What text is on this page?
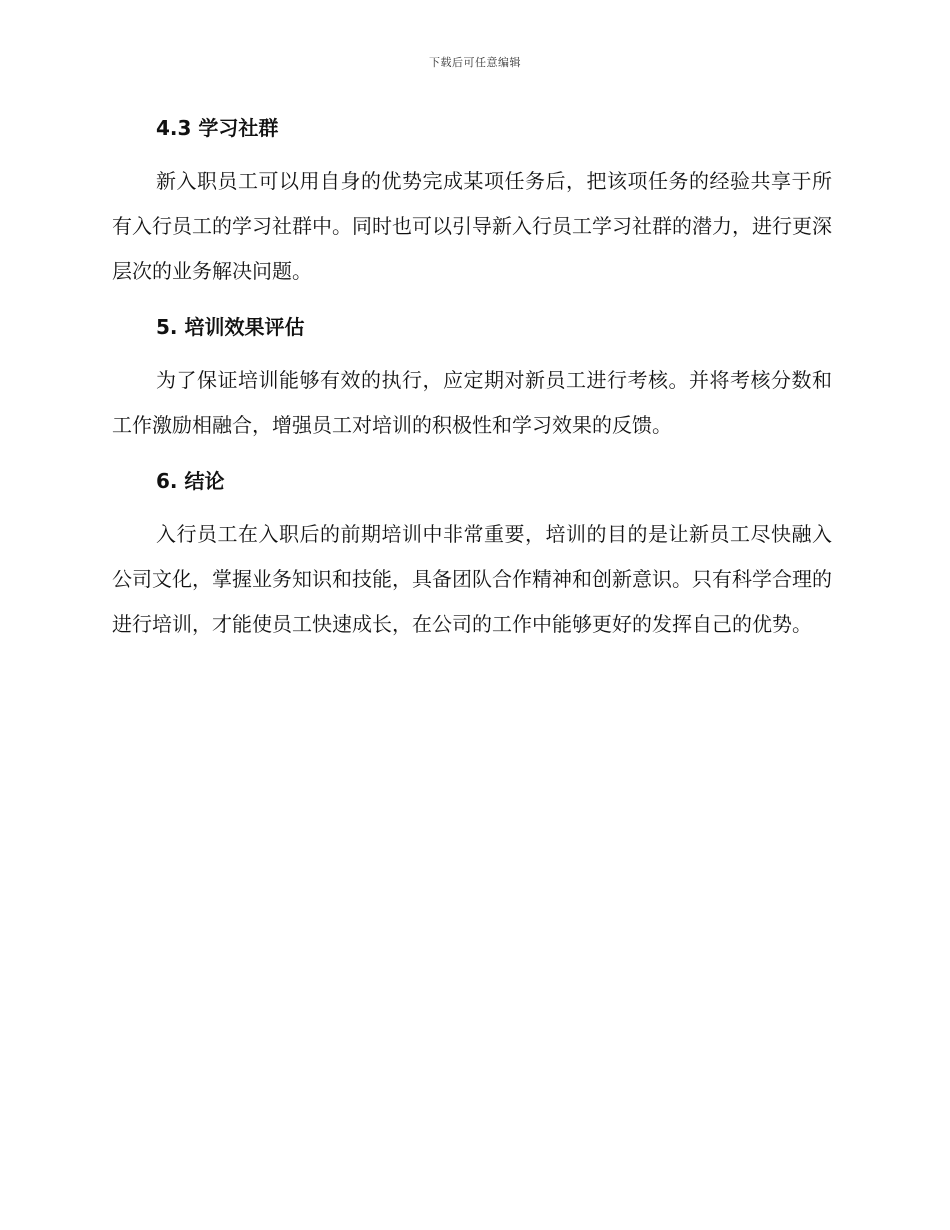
下载后可任意编辑
4.3 学习社群

新入职员工可以用自身的优势完成某项任务后，把该项任务的经验共享于所有入行员工的学习社群中。同时也可以引导新入行员工学习社群的潜力，进行更深层次的业务解决问题。

5. 培训效果评估

为了保证培训能够有效的执行，应定期对新员工进行考核。并将考核分数和工作激励相融合，增强员工对培训的积极性和学习效果的反馈。

6. 结论

入行员工在入职后的前期培训中非常重要，培训的目的是让新员工尽快融入公司文化，掌握业务知识和技能，具备团队合作精神和创新意识。只有科学合理的进行培训，才能使员工快速成长，在公司的工作中能够更好的发挥自己的优势。
